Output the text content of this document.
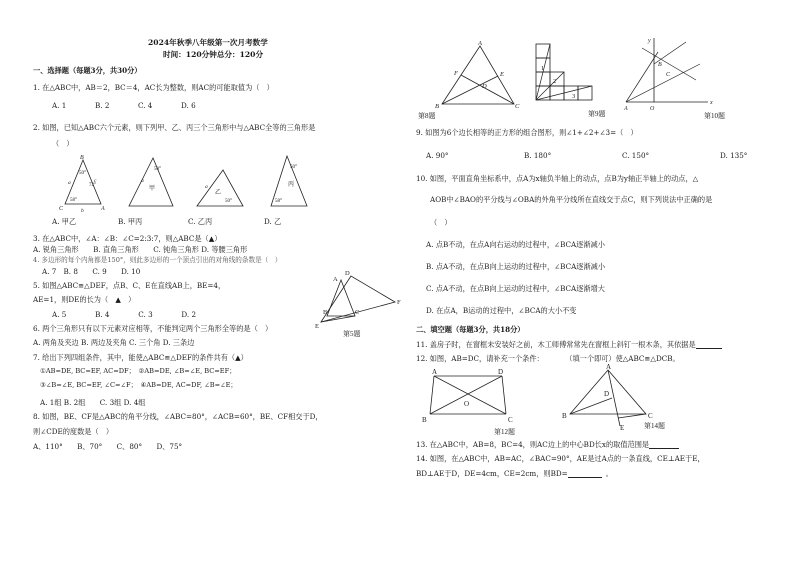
2024年秋季八年级第一次月考数学
时间：120分钟总分：120分
一、选择题（每题3分，共30分）
1. 在△ABC中，AB＝2，BC＝4，AC长为整数，则AC的可能取值为（　）
A. 1	B. 2	C. 4	D. 6
2. 如图，已知△ABC六个元素，则下列甲、乙、丙三个三角形中与△ABC全等的三角形是
（　）
B
C	A
a	c
b
50°
72°
58°
甲
50°
a
乙
50°
a	丙
50°
58°
A. 甲乙	B. 甲丙	C. 乙丙	D. 乙
3. 在△ABC中，∠A：∠B：∠C=2:3:7，则△ABC是（▲）
A. 锐角三角形　　B. 直角三角形　　C. 钝角三角形 D. 等腰三角形
4. 多边形的每个内角都是150°，则此多边形的一个顶点引出的对角线的条数是（　）
A. 7　B. 8　　C. 9　　D. 10
5. 如图△ABC≌△DEF，点B、C、E在直线AB上，BE=4，
AE=1，则DE的长为（　▲　）
A. 5　　　　B. 4　　　　C. 3　　　　D. 2
D
A
F
B	C
E
第5题
6. 两个三角形只有以下元素对应相等，不能判定两个三角形全等的是（　）
A. 两角及夹边 B. 两边及夹角 C. 三个角 D. 三条边
7. 给出下列四组条件，其中，能使△ABC≌△DEF的条件共有（▲）
①AB=DE, BC=EF, AC=DF；　②AB=DE, ∠B=∠E, BC=EF；
③∠B=∠E, BC=EF, ∠C=∠F；　④AB=DE, AC=DF, ∠B=∠E；
A. 1组 B. 2组　　C. 3组 D. 4组
8. 如图，BE、CF是△ABC的角平分线，∠ABC=80°，∠ACB=60°，BE、CF相交于D，
则∠CDE的度数是（　）
A、110°　　B、70°　　C、80°　　D、75°
A
F	E
D
B	C
第8题
1
2
3
第9题
y
x
O
A
B
C
第10题
9. 如图为6个边长相等的正方形的组合图形，则∠1+∠2+∠3=（　）
A. 90°	B. 180°	C. 150°	D. 135°
10. 如图，平面直角坐标系中，点A为x轴负半轴上的动点，点B为y轴正半轴上的动点，△
AOB中∠BAO的平分线与∠OBA的外角平分线所在直线交于点C，则下列说法中正确的是
（　）
A. 点B不动，在点A向右运动的过程中，∠BCA逐渐减小
B. 点A不动，在点B向上运动的过程中，∠BCA逐渐减小
C. 点A不动，在点B向上运动的过程中，∠BCA逐渐增大
D. 在点A，B运动的过程中，∠BCA的大小不变
二、填空题（每题3分，共18分）
11. 盖房子时，在窗框未安装好之前，木工师傅常常先在窗框上斜钉一根木条，其依据是
12. 如图，AB=DC，请补充一个条件：　　　　（填一个即可）使△ABC≌△DCB。
A	D
B	C
O
第12题
A
D
B	C
E	第14题
13. 在△ABC中，AB=8，BC=4，则AC边上的中心BD长x的取值范围是
14. 如图，在△ABC中，AB=AC，∠BAC=90°，AE是过A点的一条直线，CE⊥AE于E，
BD⊥AE于D，DE=4cm，CE=2cm，则BD=	。
